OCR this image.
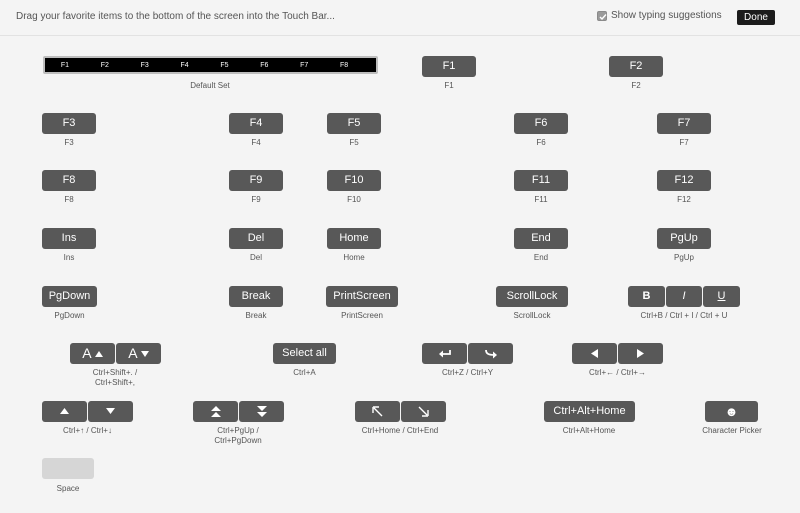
Drag your favorite items to the bottom of the screen into the Touch Bar...	Show typing suggestions	Done
F1	F2	F3	F4	F5	F6	F7	F8
Default Set
F1
F1
F2
F2
F3
F3
F4
F4
F5
F5
F6
F6
F7
F7
F8
F8
F9
F9
F10
F10
F11
F11
F12
F12
Ins
Ins
Del
Del
Home
Home
End
End
PgUp
PgUp
PgDown
PgDown
Break
Break
PrintScreen
PrintScreen
ScrollLock
ScrollLock
B	I	U
Ctrl+B / Ctrl + I / Ctrl + U
A	A
Ctrl+Shift+. /
Ctrl+Shift+,
Select all
Ctrl+A	Ctrl+Z / Ctrl+Y	Ctrl+← / Ctrl+→
Ctrl+↑ / Ctrl+↓	Ctrl+PgUp /
Ctrl+PgDown
Ctrl+Home / Ctrl+End
Ctrl+Alt+Home
Ctrl+Alt+Home
☻
Character Picker
Space
